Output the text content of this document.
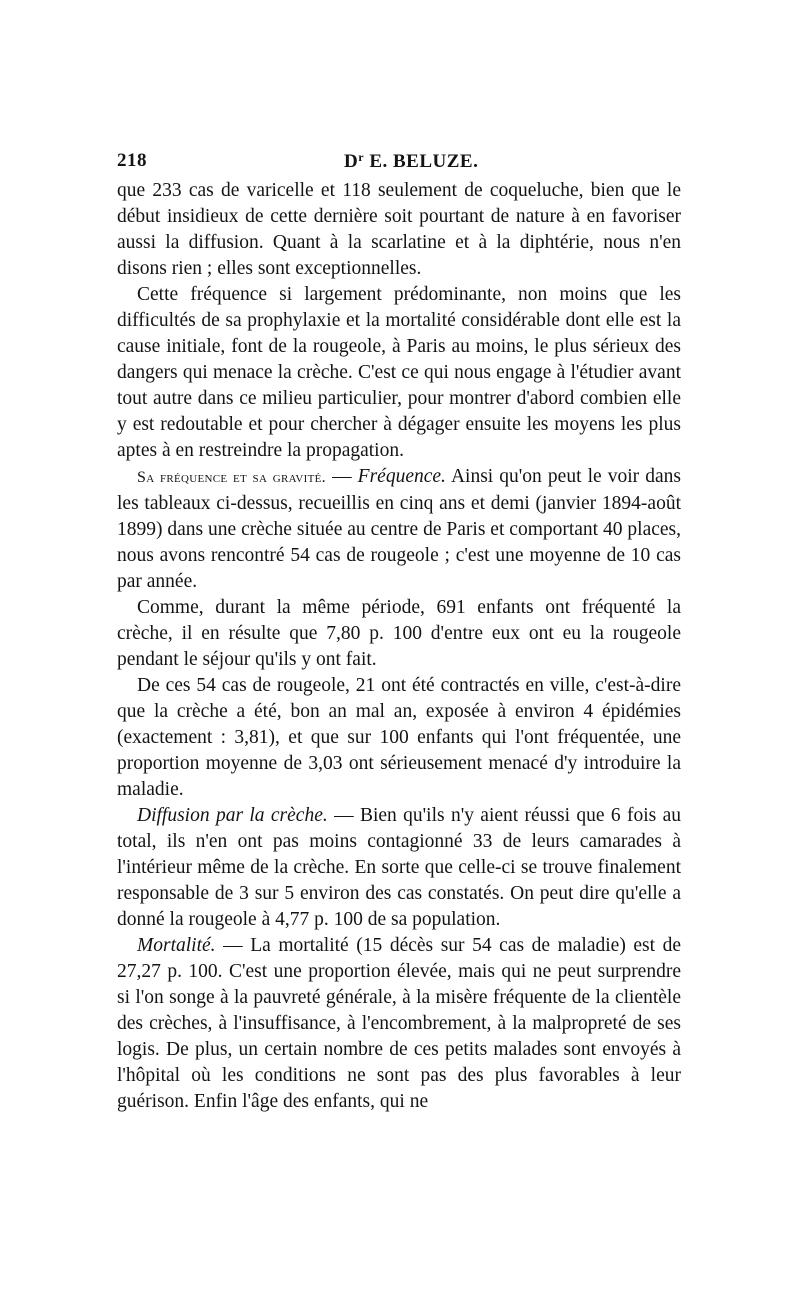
218	$D^r$ E. BELUZE.

que 233 cas de varicelle et 118 seulement de coqueluche, bien que le début insidieux de cette dernière soit pourtant de nature à en favoriser aussi la diffusion. Quant à la scarlatine et à la diphtérie, nous n'en disons rien ; elles sont exceptionnelles.

Cette fréquence si largement prédominante, non moins que les difficultés de sa prophylaxie et la mortalité considérable dont elle est la cause initiale, font de la rougeole, à Paris au moins, le plus sérieux des dangers qui menace la crèche. C'est ce qui nous engage à l'étudier avant tout autre dans ce milieu particulier, pour montrer d'abord combien elle y est redoutable et pour chercher à dégager ensuite les moyens les plus aptes à en restreindre la propagation.

Sa fréquence et sa gravité. — Fréquence. Ainsi qu'on peut le voir dans les tableaux ci-dessus, recueillis en cinq ans et demi (janvier 1894-août 1899) dans une crèche située au centre de Paris et comportant 40 places, nous avons rencontré 54 cas de rougeole ; c'est une moyenne de 10 cas par année.

Comme, durant la même période, 691 enfants ont fréquenté la crèche, il en résulte que 7,80 p. 100 d'entre eux ont eu la rougeole pendant le séjour qu'ils y ont fait.

De ces 54 cas de rougeole, 21 ont été contractés en ville, c'est-à-dire que la crèche a été, bon an mal an, exposée à environ 4 épidémies (exactement : 3,81), et que sur 100 enfants qui l'ont fréquentée, une proportion moyenne de 3,03 ont sérieusement menacé d'y introduire la maladie.

Diffusion par la crèche. — Bien qu'ils n'y aient réussi que 6 fois au total, ils n'en ont pas moins contagionné 33 de leurs camarades à l'intérieur même de la crèche. En sorte que celle-ci se trouve finalement responsable de 3 sur 5 environ des cas constatés. On peut dire qu'elle a donné la rougeole à 4,77 p. 100 de sa population.

Mortalité. — La mortalité (15 décès sur 54 cas de maladie) est de 27,27 p. 100. C'est une proportion élevée, mais qui ne peut surprendre si l'on songe à la pauvreté générale, à la misère fréquente de la clientèle des crèches, à l'insuffisance, à l'encombrement, à la malpropreté de ses logis. De plus, un certain nombre de ces petits malades sont envoyés à l'hôpital où les conditions ne sont pas des plus favorables à leur guérison. Enfin l'âge des enfants, qui ne
